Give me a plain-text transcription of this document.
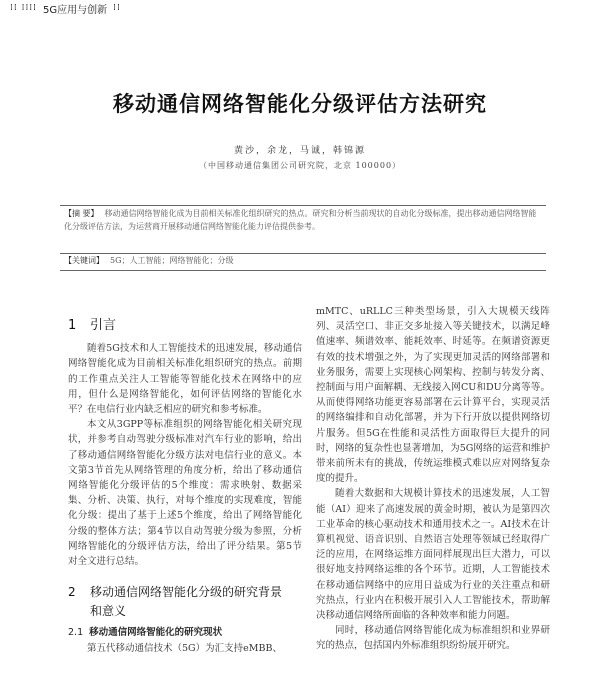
⁞⁞ ⁞⁞⁞⁞ 5G应用与创新 ⁞⁞
移动通信网络智能化分级评估方法研究
黄沙，余龙，马诚，韩锦源
（中国移动通信集团公司研究院，北京 100000）
【摘 要】 移动通信网络智能化成为目前相关标准化组织研究的热点。研究和分析当前现状的自动化分级标准，提出移动通信网络智能化分级评估方法，为运营商开展移动通信网络智能化能力评估提供参考。
【关键词】 5G；人工智能；网络智能化；分级
1	引言

随着5G技术和人工智能技术的迅速发展，移动通信网络智能化成为目前相关标准化组织研究的热点。前期的工作重点关注人工智能等智能化技术在网络中的应用，但什么是网络智能化，如何评估网络的智能化水平？在电信行业内缺乏相应的研究和参考标准。

本文从3GPP等标准组织的网络智能化相关研究现状，并参考自动驾驶分级标准对汽车行业的影响，给出了移动通信网络智能化分级方法对电信行业的意义。本文第3节首先从网络管理的角度分析，给出了移动通信网络智能化分级评估的5个维度：需求映射、数据采集、分析、决策、执行，对每个维度的实现难度，智能化分级：提出了基于上述5个维度，给出了网络智能化分级的整体方法；第4节以自动驾驶分级为参照，分析网络智能化的分级评估方法，给出了评分结果。第5节对全文进行总结。

2 移动通信网络智能化分级的研究背景
和意义
2.1 移动通信网络智能化的研究现状

第五代移动通信技术（5G）为汇支持eMBB、

mMTC、uRLLC三种类型场景，引入大规模天线阵列、灵活空口、非正交多址接入等关键技术，以满足峰值速率、频谱效率、能耗效率、时延等。在频谱资源更有效的技术增强之外，为了实现更加灵活的网络部署和业务服务，需要上实现核心网架构、控制与转发分离、控制面与用户面解耦、无线接入网CU和DU分离等等。从而使得网络功能更容易部署在云计算平台，实现灵活的网络编排和自动化部署，并为下行开放以提供网络切片服务。但5G在性能和灵活性方面取得巨大提升的同时，网络的复杂性也显著增加，为5G网络的运营和维护带来前所未有的挑战，传统运维模式难以应对网络复杂度的提升。

随着大数据和大规模计算技术的迅速发展，人工智能（AI）迎来了高速发展的黄金时期，被认为是第四次工业革命的核心驱动技术和通用技术之一。AI技术在计算机视觉、语音识别、自然语言处理等领域已经取得广泛的应用，在网络运维方面同样展现出巨大潜力，可以很好地支持网络运维的各个环节。近期，人工智能技术在移动通信网络中的应用日益成为行业的关注重点和研究热点，行业内在积极开展引入人工智能技术，帮助解决移动通信网络所面临的各种效率和能力问题。

同时，移动通信网络智能化成为标准组织和业界研究的热点，包括国内外标准组织纷纷展开研究。
